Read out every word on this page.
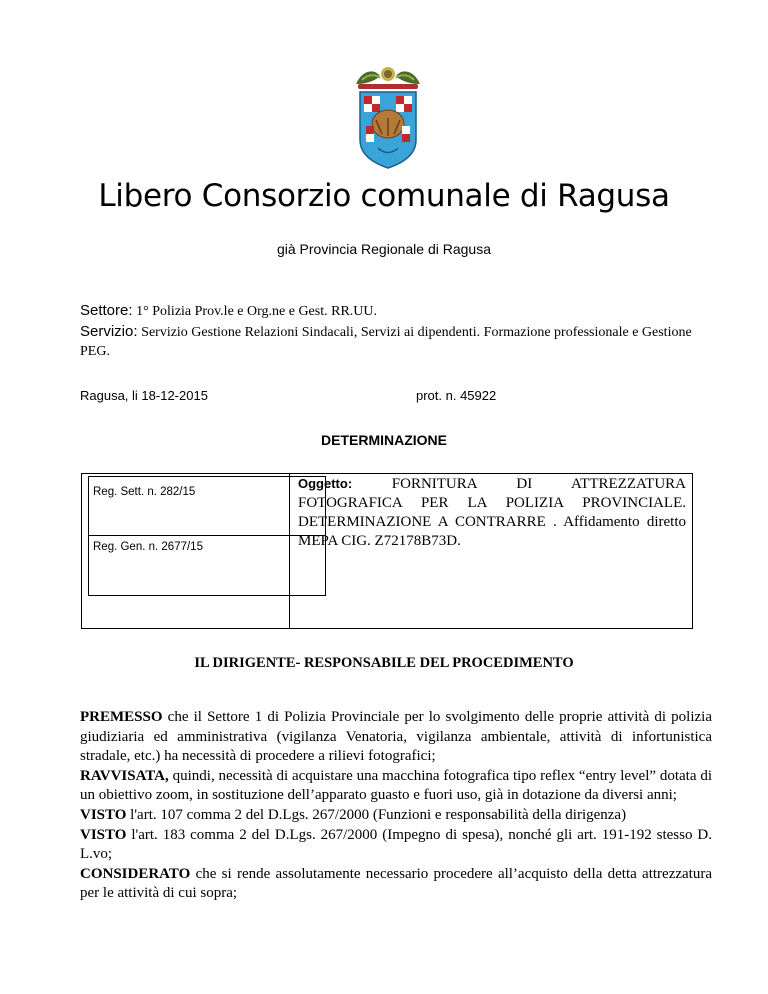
Libero Consorzio comunale di Ragusa
già Provincia Regionale di Ragusa
Settore: 1° Polizia Prov.le e Org.ne e Gest. RR.UU.
Servizio: Servizio Gestione Relazioni Sindacali, Servizi ai dipendenti. Formazione professionale e Gestione PEG.
Ragusa, li 18-12-2015	prot. n. 45922
DETERMINAZIONE
Reg. Sett. n. 282/15
Reg. Gen. n. 2677/15
Oggetto:	FORNITURA DI ATTREZZATURA FOTOGRAFICA PER LA POLIZIA PROVINCIALE. DETERMINAZIONE A CONTRARRE . Affidamento diretto MEPA CIG. Z72178B73D.
IL DIRIGENTE- RESPONSABILE DEL PROCEDIMENTO

PREMESSO che il Settore 1 di Polizia Provinciale per lo svolgimento delle proprie attività di polizia giudiziaria ed amministrativa (vigilanza Venatoria, vigilanza ambientale, attività di infortunistica stradale, etc.) ha necessità di procedere a rilievi fotografici;

RAVVISATA, quindi, necessità di acquistare una macchina fotografica tipo reflex “entry level” dotata di un obiettivo zoom, in sostituzione dell’apparato guasto e fuori uso, già in dotazione da diversi anni;

VISTO l'art. 107 comma 2 del D.Lgs. 267/2000 (Funzioni e responsabilità della dirigenza)

VISTO l'art. 183 comma 2 del D.Lgs. 267/2000 (Impegno di spesa), nonché gli art. 191-192 stesso D. L.vo;

CONSIDERATO che si rende assolutamente necessario procedere all’acquisto della detta attrezzatura per le attività di cui sopra;
